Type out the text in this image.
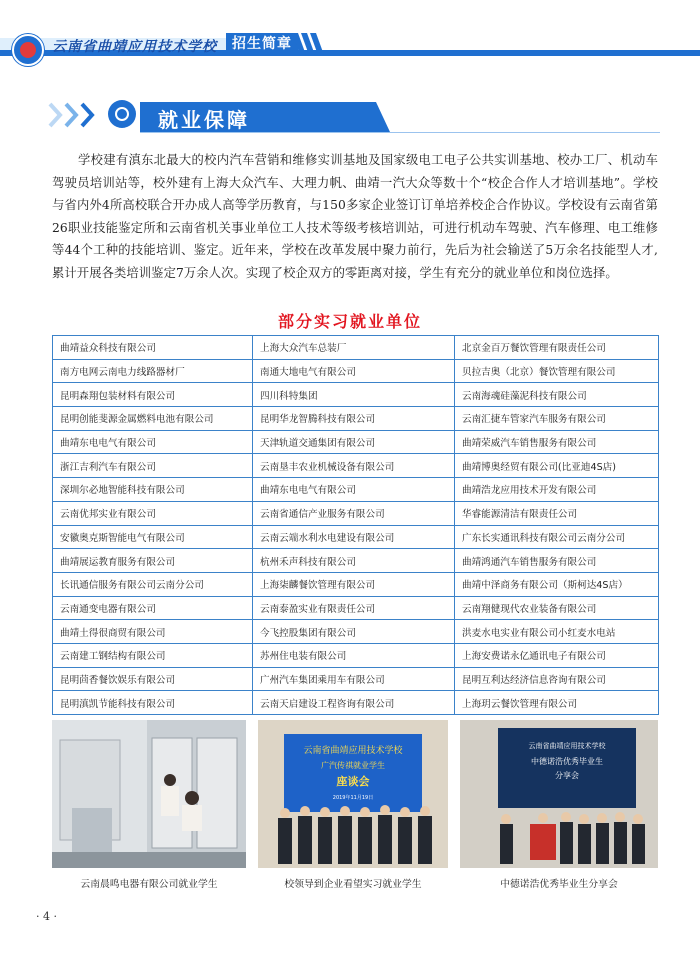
云南省曲靖应用技术学校	招生简章
就业保障
学校建有滇东北最大的校内汽车营销和维修实训基地及国家级电工电子公共实训基地、校办工厂、机动车驾驶员培训站等，校外建有上海大众汽车、大理力帆、曲靖一汽大众等数十个“校企合作人才培训基地”。学校与省内外4所高校联合开办成人高等学历教育，与150多家企业签订订单培养校企合作协议。学校设有云南省第26职业技能鉴定所和云南省机关事业单位工人技术等级考核培训站，可进行机动车驾驶、汽车修理、电工维修等44个工种的技能培训、鉴定。近年来，学校在改革发展中聚力前行，先后为社会输送了5万余名技能型人才,累计开展各类培训鉴定7万余人次。实现了校企双方的零距离对接，学生有充分的就业单位和岗位选择。
部分实习就业单位
曲靖益众科技有限公司	上海大众汽车总装厂	北京金百万餐饮管理有限责任公司
南方电网云南电力线路器材厂	南通大地电气有限公司	贝拉吉奥（北京）餐饮管理有限公司
昆明森翔包装材料有限公司	四川科特集团	云南海魂硅藻泥科技有限公司
昆明创能斐源金属燃料电池有限公司	昆明华龙智腾科技有限公司	云南汇捷车管家汽车服务有限公司
曲靖东电电气有限公司	天津轨道交通集团有限公司	曲靖荣威汽车销售服务有限公司
浙江吉利汽车有限公司	云南垦丰农业机械设备有限公司	曲靖博奥经贸有限公司(比亚迪4S店)
深圳尔必地智能科技有限公司	曲靖东电电气有限公司	曲靖浩龙应用技术开发有限公司
云南优邦实业有限公司	云南省通信产业服务有限公司	华睿能源清洁有限责任公司
安徽奥克斯智能电气有限公司	云南云端水利水电建设有限公司	广东长实通讯科技有限公司云南分公司
曲靖展运教育服务有限公司	杭州禾声科技有限公司	曲靖鸿通汽车销售服务有限公司
长讯通信服务有限公司云南分公司	上海柒麟餐饮管理有限公司	曲靖中泽商务有限公司（斯柯达4S店）
云南通变电器有限公司	云南泰盈实业有限责任公司	云南翔健现代农业装备有限公司
曲靖土得很商贸有限公司	今飞控股集团有限公司	洪麦水电实业有限公司小红麦水电站
云南建工钢结构有限公司	苏州住电装有限公司	上海安费诺永亿通讯电子有限公司
昆明茴香餐饮娱乐有限公司	广州汽车集团乘用车有限公司	昆明互利达经济信息咨询有限公司
昆明滇凯节能科技有限公司	云南天启建设工程咨询有限公司	上海玥云餐饮管理有限公司
云南省曲靖应用技术学校
广汽传祺就业学生
座谈会
2019年11月19日
云南省曲靖应用技术学校
中德诺浩优秀毕业生
分享会
云南晨鸣电器有限公司就业学生	校领导到企业看望实习就业学生	中德诺浩优秀毕业生分享会
· 4 ·
